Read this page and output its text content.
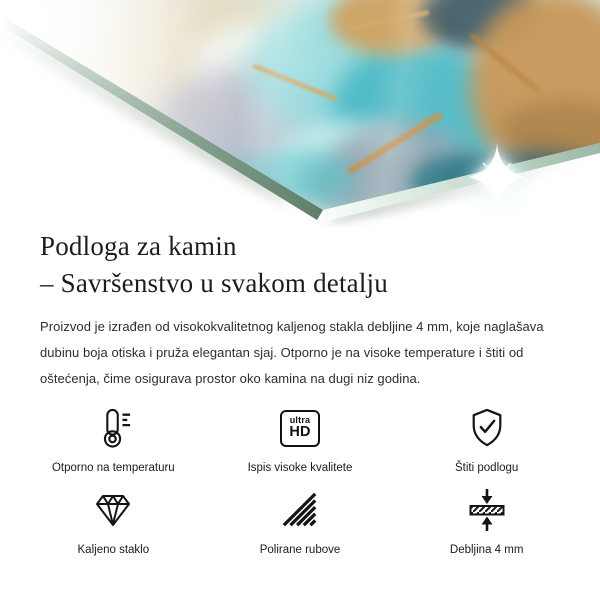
Podloga za kamin
– Savršenstvo u svakom detalju

Proizvod je izrađen od visokokvalitetnog kaljenog stakla debljine 4 mm, koje naglašava dubinu boja otiska i pruža elegantan sjaj. Otporno je na visoke temperature i štiti od oštećenja, čime osigurava prostor oko kamina na dugi niz godina.

Otporno na temperaturu
ultra
HD
Ispis visoke kvalitete	Štiti podlogu
Kaljeno staklo	Polirane rubove	Debljina 4 mm
